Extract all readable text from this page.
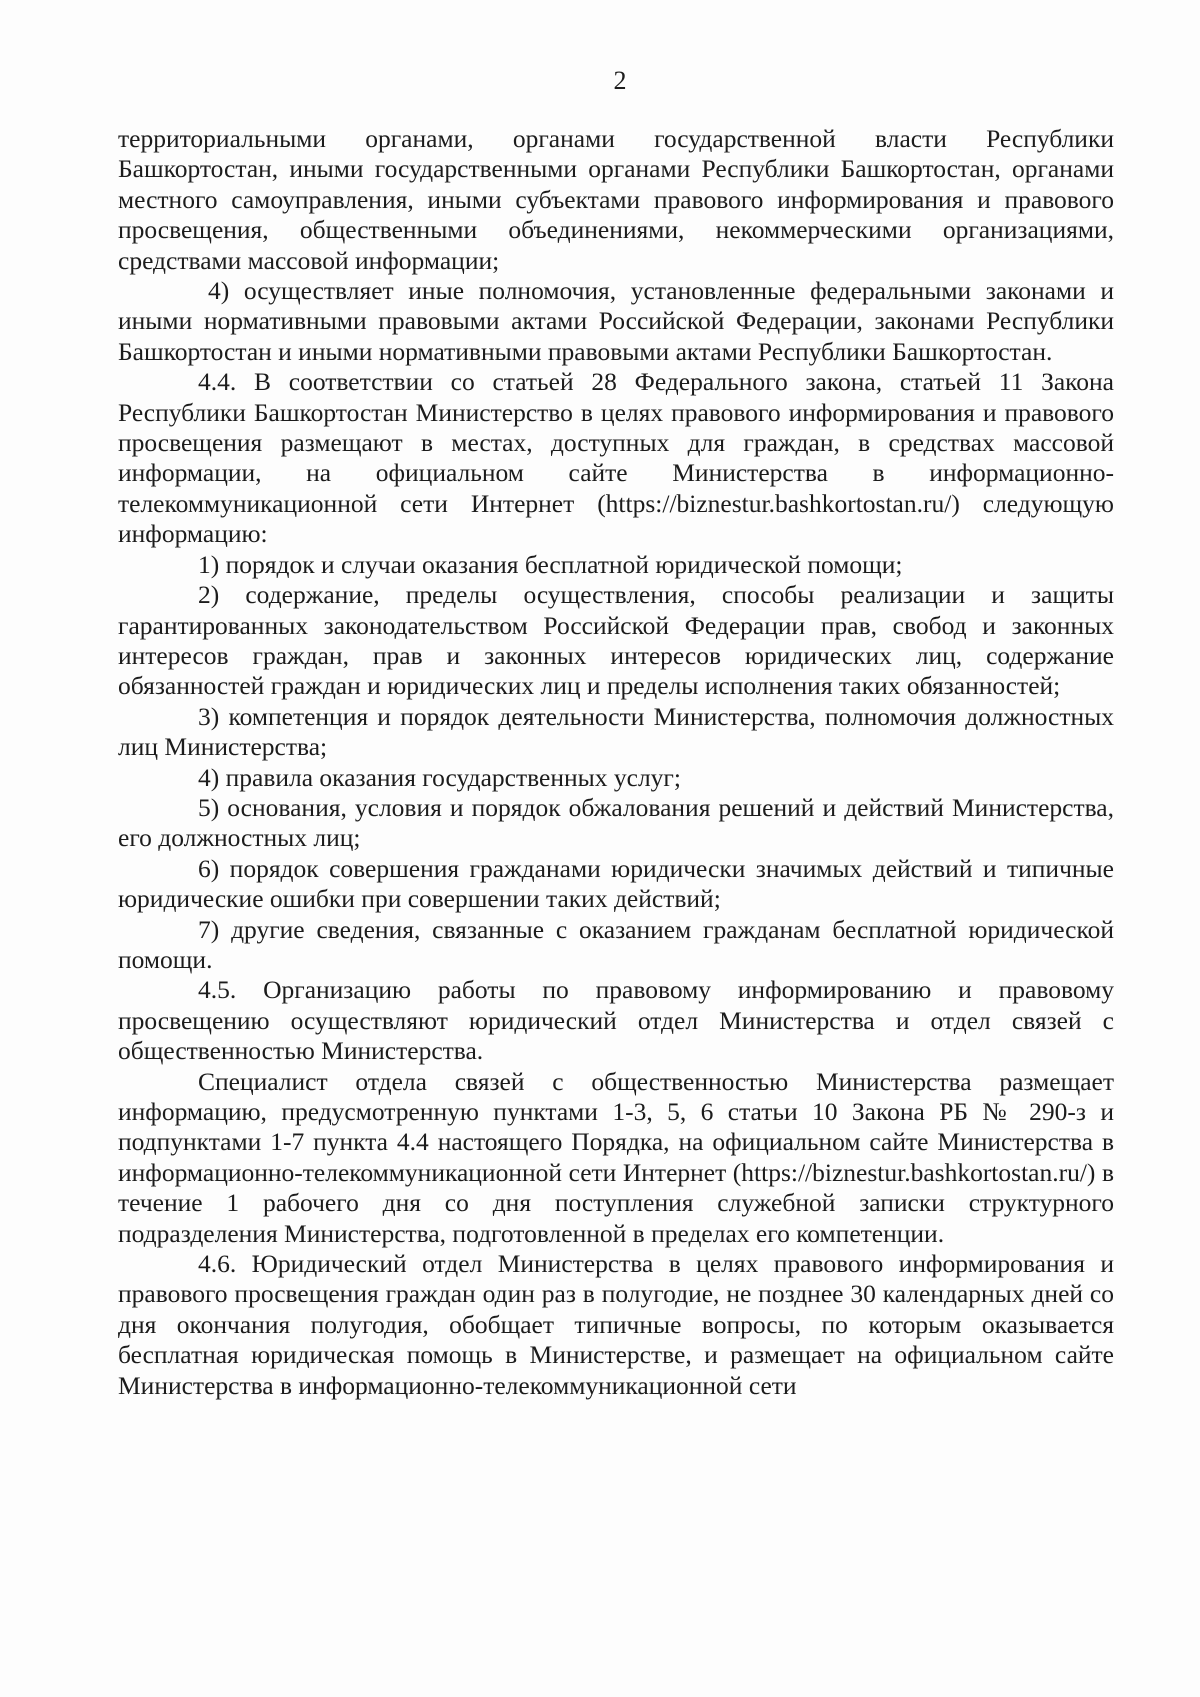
2

территориальными органами, органами государственной власти Республики Башкортостан, иными государственными органами Республики Башкортостан, органами местного самоуправления, иными субъектами правового информирования и правового просвещения, общественными объединениями, некоммерческими организациями, средствами массовой информации;

4) осуществляет иные полномочия, установленные федеральными законами и иными нормативными правовыми актами Российской Федерации, законами Республики Башкортостан и иными нормативными правовыми актами Республики Башкортостан.

4.4. В соответствии со статьей 28 Федерального закона, статьей 11 Закона Республики Башкортостан Министерство в целях правового информирования и правового просвещения размещают в местах, доступных для граждан, в средствах массовой информации, на официальном сайте Министерства в информационно-телекоммуникационной сети Интернет (https://biznestur.bashkortostan.ru/) следующую информацию:

1) порядок и случаи оказания бесплатной юридической помощи;

2) содержание, пределы осуществления, способы реализации и защиты гарантированных законодательством Российской Федерации прав, свобод и законных интересов граждан, прав и законных интересов юридических лиц, содержание обязанностей граждан и юридических лиц и пределы исполнения таких обязанностей;

3) компетенция и порядок деятельности Министерства, полномочия должностных лиц Министерства;

4) правила оказания государственных услуг;

5) основания, условия и порядок обжалования решений и действий Министерства, его должностных лиц;

6) порядок совершения гражданами юридически значимых действий и типичные юридические ошибки при совершении таких действий;

7) другие сведения, связанные с оказанием гражданам бесплатной юридической помощи.

4.5. Организацию работы по правовому информированию и правовому просвещению осуществляют юридический отдел Министерства и отдел связей с общественностью Министерства.

Специалист отдела связей с общественностью Министерства размещает информацию, предусмотренную пунктами 1-3, 5, 6 статьи 10 Закона РБ № 290-з и подпунктами 1-7 пункта 4.4 настоящего Порядка, на официальном сайте Министерства в информационно-телекоммуникационной сети Интернет (https://biznestur.bashkortostan.ru/) в течение 1 рабочего дня со дня поступления служебной записки структурного подразделения Министерства, подготовленной в пределах его компетенции.

4.6. Юридический отдел Министерства в целях правового информирования и правового просвещения граждан один раз в полугодие, не позднее 30 календарных дней со дня окончания полугодия, обобщает типичные вопросы, по которым оказывается бесплатная юридическая помощь в Министерстве, и размещает на официальном сайте Министерства в информационно-телекоммуникационной сети
